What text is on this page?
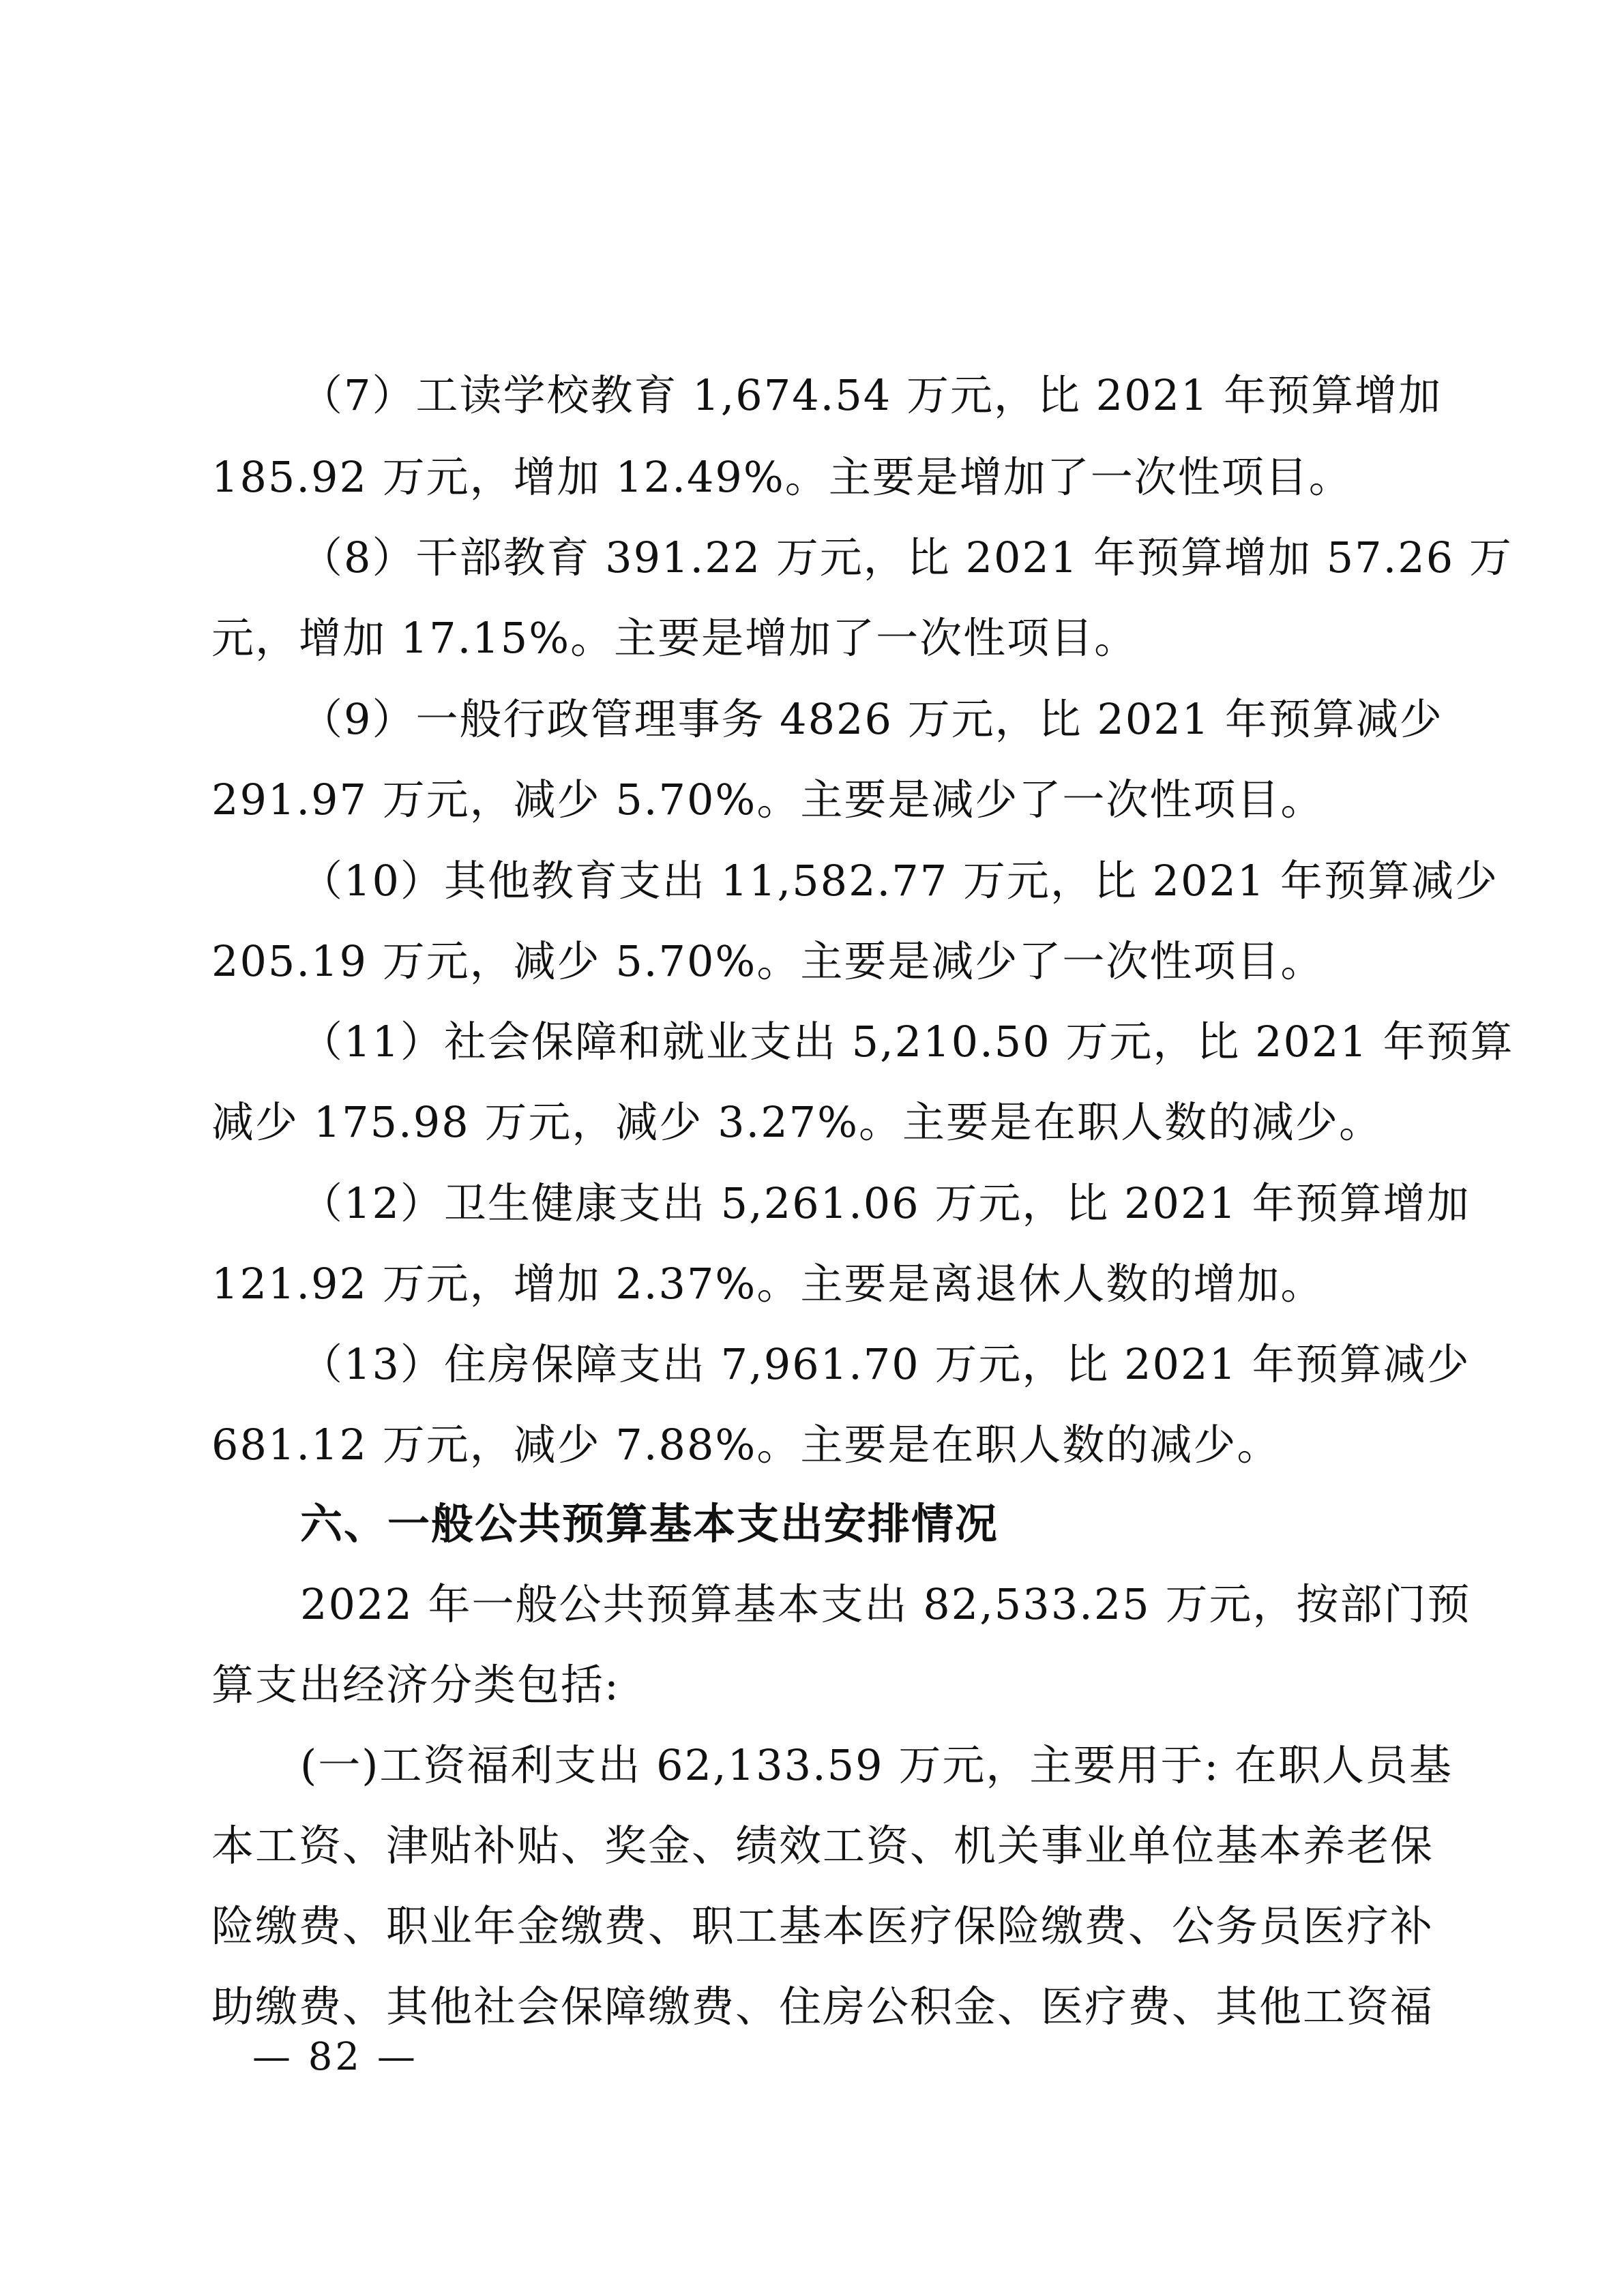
（7）工读学校教育 1,674.54 万元，比 2021 年预算增加
185.92 万元，增加 12.49%。主要是增加了一次性项目。
（8）干部教育 391.22 万元，比 2021 年预算增加 57.26 万
元，增加 17.15%。主要是增加了一次性项目。
（9）一般行政管理事务 4826 万元，比 2021 年预算减少
291.97 万元，减少 5.70%。主要是减少了一次性项目。
（10）其他教育支出 11,582.77 万元，比 2021 年预算减少
205.19 万元，减少 5.70%。主要是减少了一次性项目。
（11）社会保障和就业支出 5,210.50 万元，比 2021 年预算
减少 175.98 万元，减少 3.27%。主要是在职人数的减少。
（12）卫生健康支出 5,261.06 万元，比 2021 年预算增加
121.92 万元，增加 2.37%。主要是离退休人数的增加。
（13）住房保障支出 7,961.70 万元，比 2021 年预算减少
681.12 万元，减少 7.88%。主要是在职人数的减少。
六、一般公共预算基本支出安排情况
2022 年一般公共预算基本支出 82,533.25 万元，按部门预
算支出经济分类包括:
(一)工资福利支出 62,133.59 万元，主要用于: 在职人员基
本工资、津贴补贴、奖金、绩效工资、机关事业单位基本养老保
险缴费、职业年金缴费、职工基本医疗保险缴费、公务员医疗补
助缴费、其他社会保障缴费、住房公积金、医疗费、其他工资福
— 82 —
